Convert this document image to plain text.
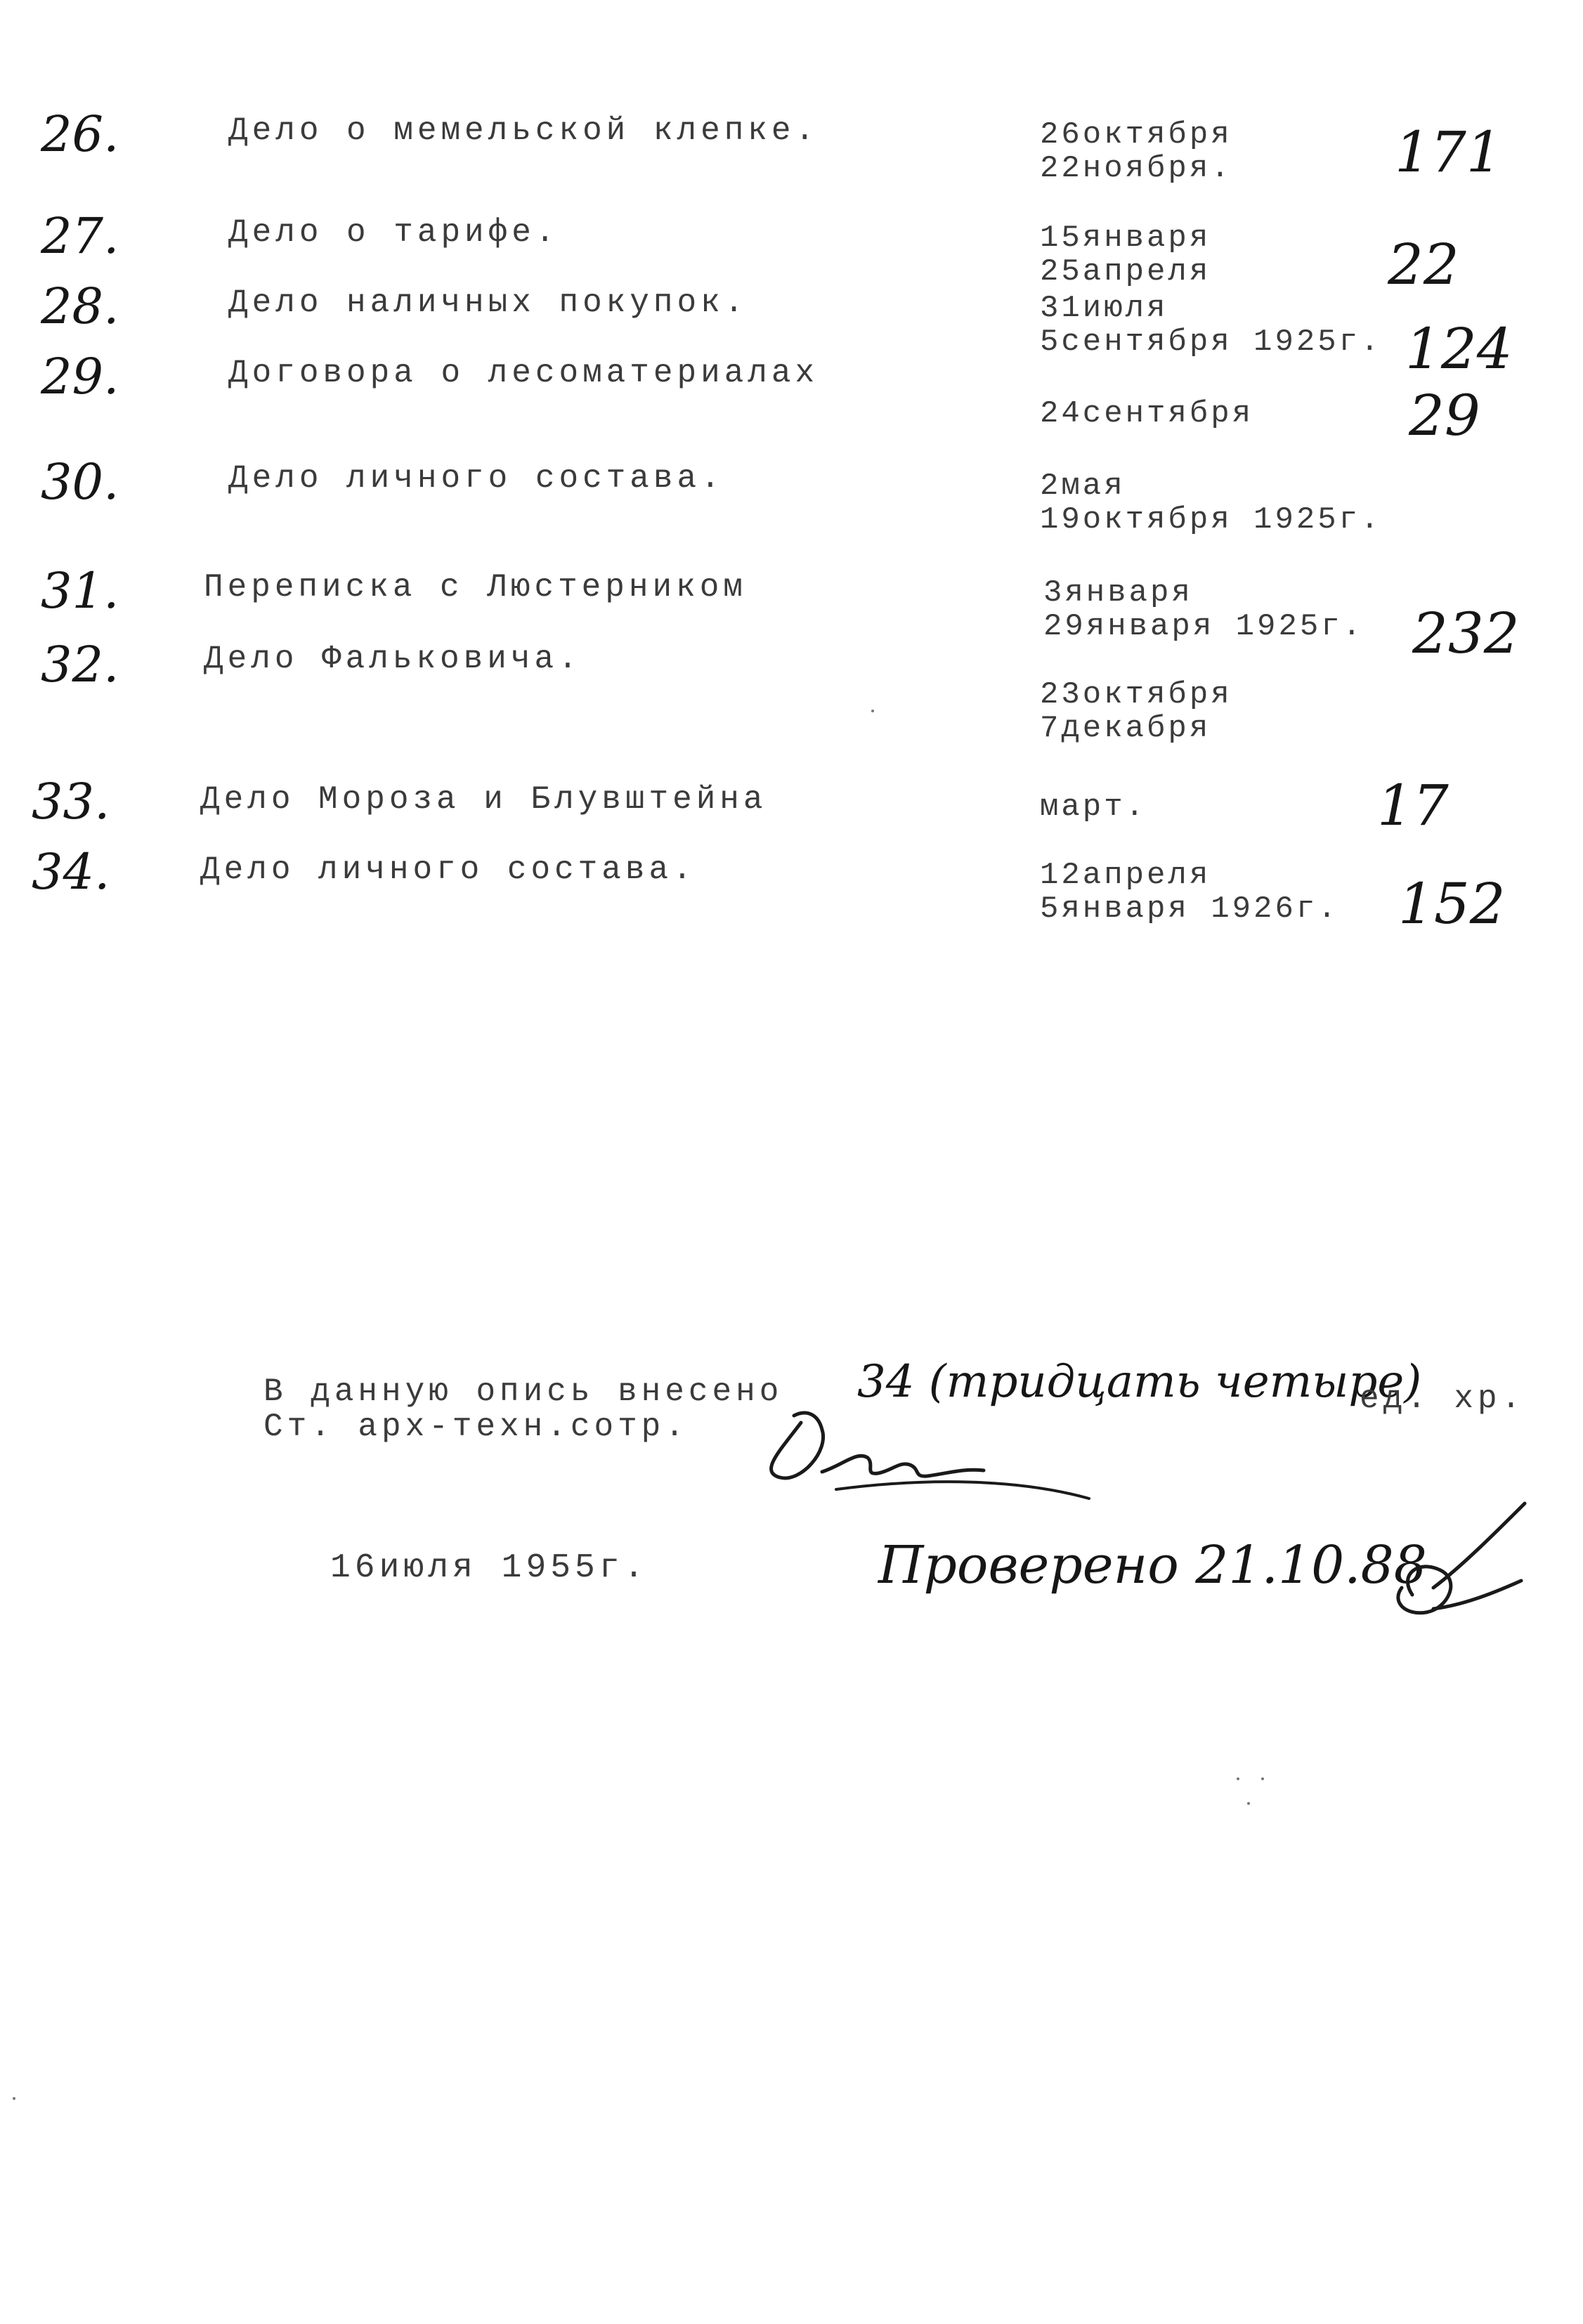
26.	Дело о мемельской клепке.	26октября
22ноября.	171
27.	Дело о тарифе.	15января
25апреля	22
28.	Дело наличных покупок.	31июля
5сентября 1925г. 124
29.	Договора о лесоматериалах
24сентября	29
30.	Дело личного состава.	2мая
19октября 1925г.
31.	Переписка с Люстерником	3января
29января 1925г. 232
32.	Дело Фальковича.
23октября
7декабря
33.	Дело Мороза и Блувштейна	март.	17
34.	Дело личного состава.	12апреля
5января 1926г. 152
В данную опись внесено 34 (тридцать четыре)
ед. хр.
Ст. арх-техн.сотр.
16июля 1955г.	Проверено 21.10.88
